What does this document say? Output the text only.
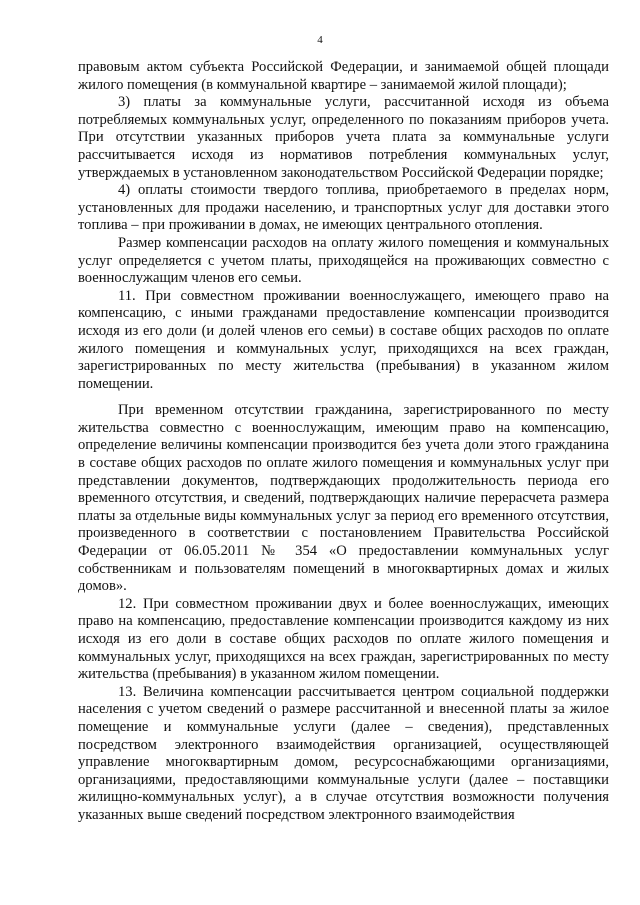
4

правовым актом субъекта Российской Федерации, и занимаемой общей площади жилого помещения (в коммунальной квартире – занимаемой жилой площади);

3) платы за коммунальные услуги, рассчитанной исходя из объема потребляемых коммунальных услуг, определенного по показаниям приборов учета. При отсутствии указанных приборов учета плата за коммунальные услуги рассчитывается исходя из нормативов потребления коммунальных услуг, утверждаемых в установленном законодательством Российской Федерации порядке;

4) оплаты стоимости твердого топлива, приобретаемого в пределах норм, установленных для продажи населению, и транспортных услуг для доставки этого топлива – при проживании в домах, не имеющих центрального отопления.

Размер компенсации расходов на оплату жилого помещения и коммунальных услуг определяется с учетом платы, приходящейся на проживающих совместно с военнослужащим членов его семьи.

11. При совместном проживании военнослужащего, имеющего право на компенсацию, с иными гражданами предоставление компенсации производится исходя из его доли (и долей членов его семьи) в составе общих расходов по оплате жилого помещения и коммунальных услуг, приходящихся на всех граждан, зарегистрированных по месту жительства (пребывания) в указанном жилом помещении.

При временном отсутствии гражданина, зарегистрированного по месту жительства совместно с военнослужащим, имеющим право на компенсацию, определение величины компенсации производится без учета доли этого гражданина в составе общих расходов по оплате жилого помещения и коммунальных услуг при представлении документов, подтверждающих продолжительность периода его временного отсутствия, и сведений, подтверждающих наличие перерасчета размера платы за отдельные виды коммунальных услуг за период его временного отсутствия, произведенного в соответствии с постановлением Правительства Российской Федерации от 06.05.2011 № 354 «О предоставлении коммунальных услуг собственникам и пользователям помещений в многоквартирных домах и жилых домов».

12. При совместном проживании двух и более военнослужащих, имеющих право на компенсацию, предоставление компенсации производится каждому из них исходя из его доли в составе общих расходов по оплате жилого помещения и коммунальных услуг, приходящихся на всех граждан, зарегистрированных по месту жительства (пребывания) в указанном жилом помещении.

13. Величина компенсации рассчитывается центром социальной поддержки населения с учетом сведений о размере рассчитанной и внесенной платы за жилое помещение и коммунальные услуги (далее – сведения), представленных посредством электронного взаимодействия организацией, осуществляющей управление многоквартирным домом, ресурсоснабжающими организациями, организациями, предоставляющими коммунальные услуги (далее – поставщики жилищно-коммунальных услуг), а в случае отсутствия возможности получения указанных выше сведений посредством электронного взаимодействия
